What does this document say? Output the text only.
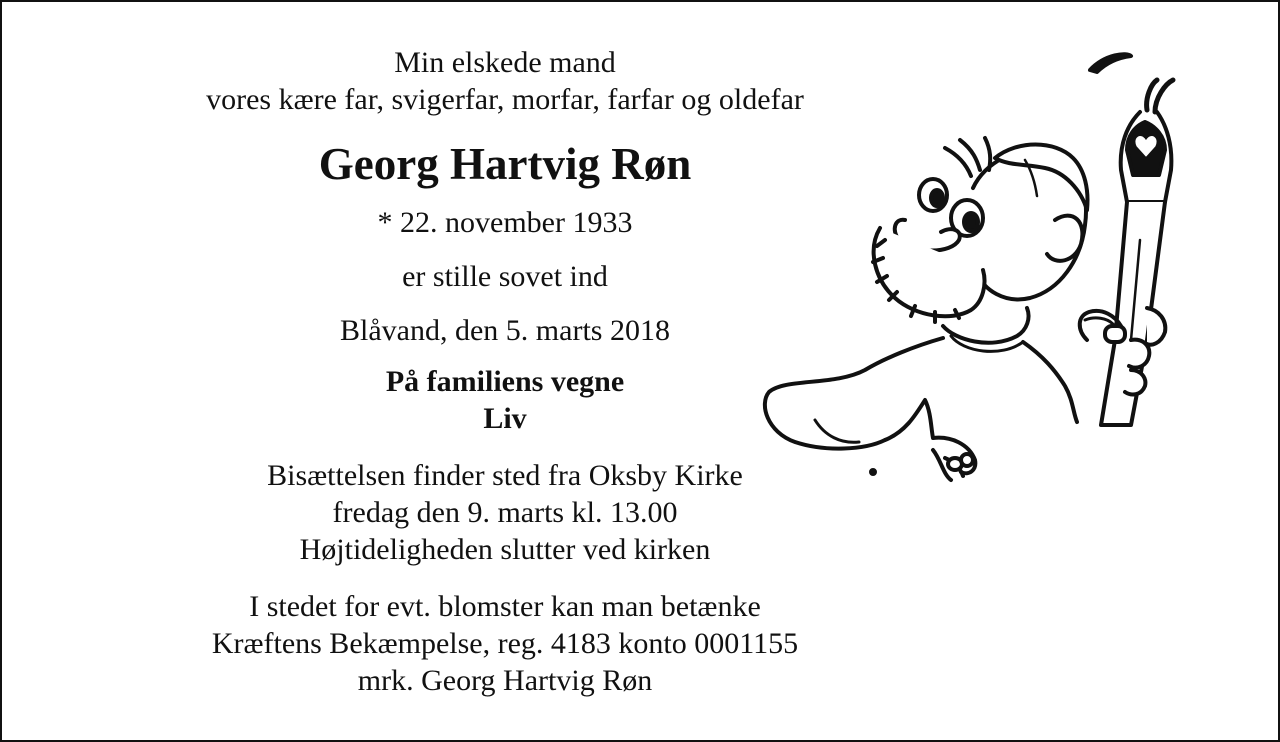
Min elskede mand
vores kære far, svigerfar, morfar, farfar og oldefar
Georg Hartvig Røn
* 22. november 1933
er stille sovet ind
Blåvand, den 5. marts 2018
På familiens vegne
Liv
Bisættelsen finder sted fra Oksby Kirke
fredag den 9. marts kl. 13.00
Højtideligheden slutter ved kirken
I stedet for evt. blomster kan man betænke
Kræftens Bekæmpelse, reg. 4183 konto 0001155
mrk. Georg Hartvig Røn
